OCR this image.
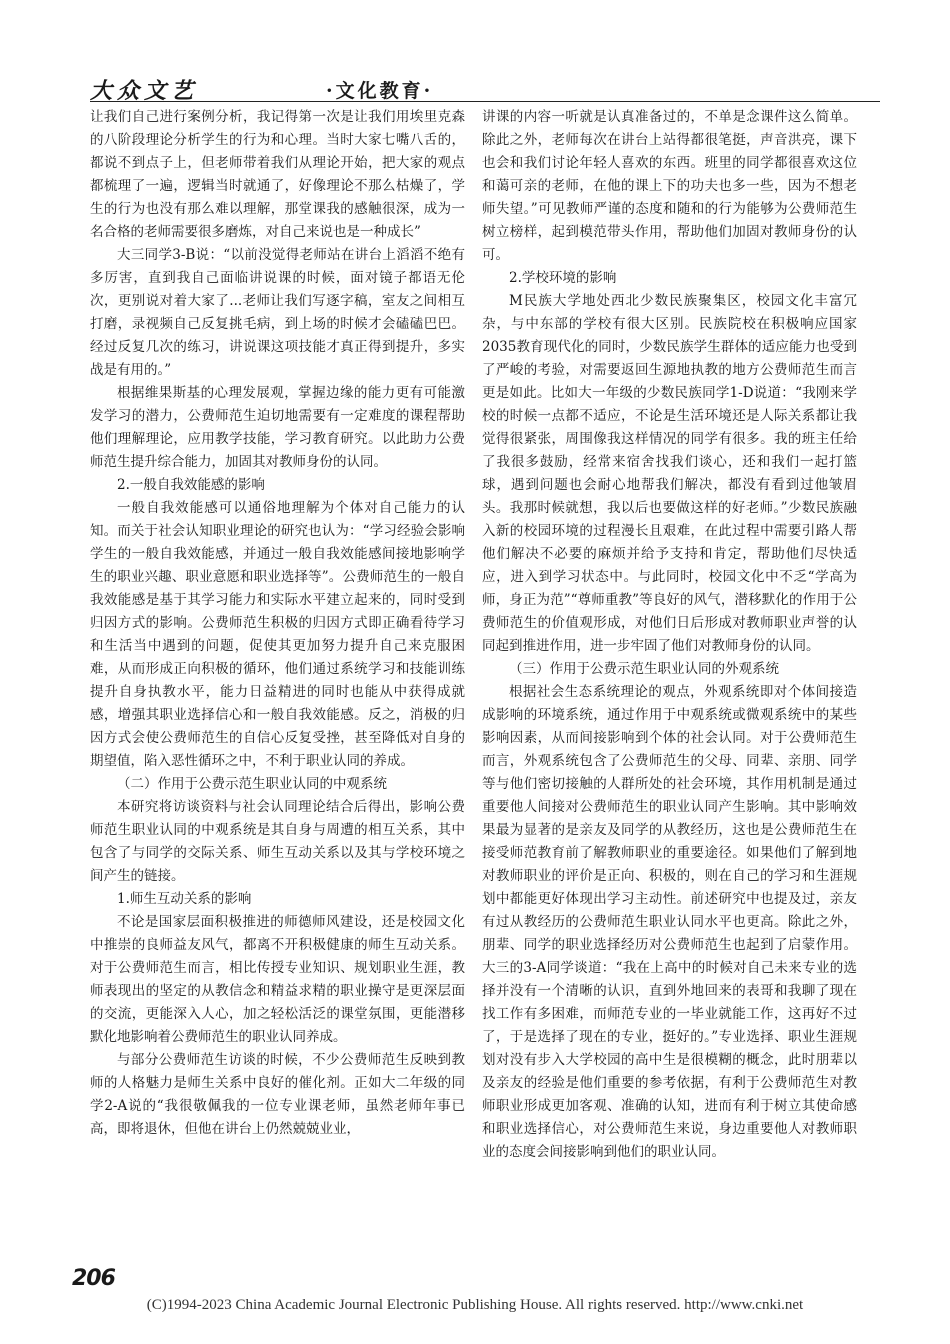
大众文艺	·文化教育·

让我们自己进行案例分析，我记得第一次是让我们用埃里克森的八阶段理论分析学生的行为和心理。当时大家七嘴八舌的，都说不到点子上，但老师带着我们从理论开始，把大家的观点都梳理了一遍，逻辑当时就通了，好像理论不那么枯燥了，学生的行为也没有那么难以理解，那堂课我的感触很深，成为一名合格的老师需要很多磨炼，对自己来说也是一种成长”

大三同学3-B说：“以前没觉得老师站在讲台上滔滔不绝有多厉害，直到我自己面临讲说课的时候，面对镜子都语无伦次，更别说对着大家了...老师让我们写逐字稿，室友之间相互打磨，录视频自己反复挑毛病，到上场的时候才会磕磕巴巴。经过反复几次的练习，讲说课这项技能才真正得到提升，多实战是有用的。”

根据维果斯基的心理发展观，掌握边缘的能力更有可能激发学习的潜力，公费师范生迫切地需要有一定难度的课程帮助他们理解理论，应用教学技能，学习教育研究。以此助力公费师范生提升综合能力，加固其对教师身份的认同。

2.一般自我效能感的影响

一般自我效能感可以通俗地理解为个体对自己能力的认知。而关于社会认知职业理论的研究也认为：“学习经验会影响学生的一般自我效能感，并通过一般自我效能感间接地影响学生的职业兴趣、职业意愿和职业选择等”。公费师范生的一般自我效能感是基于其学习能力和实际水平建立起来的，同时受到归因方式的影响。公费师范生积极的归因方式即正确看待学习和生活当中遇到的问题，促使其更加努力提升自己来克服困难，从而形成正向积极的循环，他们通过系统学习和技能训练提升自身执教水平，能力日益精进的同时也能从中获得成就感，增强其职业选择信心和一般自我效能感。反之，消极的归因方式会使公费师范生的自信心反复受挫，甚至降低对自身的期望值，陷入恶性循环之中，不利于职业认同的养成。

（二）作用于公费示范生职业认同的中观系统

本研究将访谈资料与社会认同理论结合后得出，影响公费师范生职业认同的中观系统是其自身与周遭的相互关系，其中包含了与同学的交际关系、师生互动关系以及其与学校环境之间产生的链接。

1.师生互动关系的影响

不论是国家层面积极推进的师德师风建设，还是校园文化中推崇的良师益友风气，都离不开积极健康的师生互动关系。对于公费师范生而言，相比传授专业知识、规划职业生涯，教师表现出的坚定的从教信念和精益求精的职业操守是更深层面的交流，更能深入人心，加之轻松活泛的课堂氛围，更能潜移默化地影响着公费师范生的职业认同养成。

与部分公费师范生访谈的时候，不少公费师范生反映到教师的人格魅力是师生关系中良好的催化剂。正如大二年级的同学2-A说的“我很敬佩我的一位专业课老师，虽然老师年事已高，即将退休，但他在讲台上仍然兢兢业业，

讲课的内容一听就是认真准备过的，不单是念课件这么简单。除此之外，老师每次在讲台上站得都很笔挺，声音洪亮，课下也会和我们讨论年轻人喜欢的东西。班里的同学都很喜欢这位和蔼可亲的老师，在他的课上下的功夫也多一些，因为不想老师失望。”可见教师严谨的态度和随和的行为能够为公费师范生树立榜样，起到模范带头作用，帮助他们加固对教师身份的认可。

2.学校环境的影响

M民族大学地处西北少数民族聚集区，校园文化丰富冗杂，与中东部的学校有很大区别。民族院校在积极响应国家2035教育现代化的同时，少数民族学生群体的适应能力也受到了严峻的考验，对需要返回生源地执教的地方公费师范生而言更是如此。比如大一年级的少数民族同学1-D说道：“我刚来学校的时候一点都不适应，不论是生活环境还是人际关系都让我觉得很紧张，周围像我这样情况的同学有很多。我的班主任给了我很多鼓励，经常来宿舍找我们谈心，还和我们一起打篮球，遇到问题也会耐心地帮我们解决，都没有看到过他皱眉头。我那时候就想，我以后也要做这样的好老师。”少数民族融入新的校园环境的过程漫长且艰难，在此过程中需要引路人帮他们解决不必要的麻烦并给予支持和肯定，帮助他们尽快适应，进入到学习状态中。与此同时，校园文化中不乏“学高为师，身正为范”“尊师重教”等良好的风气，潜移默化的作用于公费师范生的价值观形成，对他们日后形成对教师职业声誉的认同起到推进作用，进一步牢固了他们对教师身份的认同。

（三）作用于公费示范生职业认同的外观系统

根据社会生态系统理论的观点，外观系统即对个体间接造成影响的环境系统，通过作用于中观系统或微观系统中的某些影响因素，从而间接影响到个体的社会认同。对于公费师范生而言，外观系统包含了公费师范生的父母、同辈、亲朋、同学等与他们密切接触的人群所处的社会环境，其作用机制是通过重要他人间接对公费师范生的职业认同产生影响。其中影响效果最为显著的是亲友及同学的从教经历，这也是公费师范生在接受师范教育前了解教师职业的重要途径。如果他们了解到地对教师职业的评价是正向、积极的，则在自己的学习和生涯规划中都能更好体现出学习主动性。前述研究中也提及过，亲友有过从教经历的公费师范生职业认同水平也更高。除此之外，朋辈、同学的职业选择经历对公费师范生也起到了启蒙作用。大三的3-A同学谈道：“我在上高中的时候对自己未来专业的选择并没有一个清晰的认识，直到外地回来的表哥和我聊了现在找工作有多困难，而师范专业的一毕业就能工作，这再好不过了，于是选择了现在的专业，挺好的。”专业选择、职业生涯规划对没有步入大学校园的高中生是很模糊的概念，此时朋辈以及亲友的经验是他们重要的参考依据，有利于公费师范生对教师职业形成更加客观、准确的认知，进而有利于树立其使命感和职业选择信心，对公费师范生来说，身边重要他人对教师职业的态度会间接影响到他们的职业认同。

206
(C)1994-2023 China Academic Journal Electronic Publishing House. All rights reserved. http://www.cnki.net
